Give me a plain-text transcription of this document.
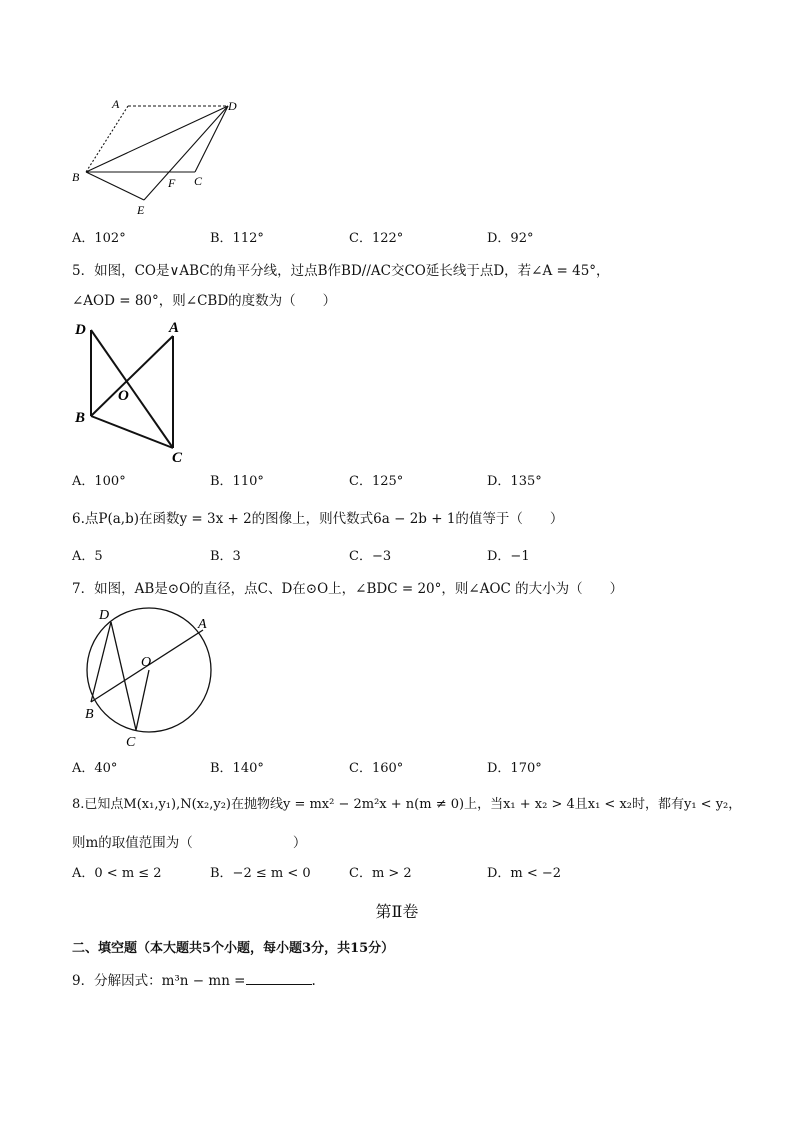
A	D
B	F C
E
A．102°	B．112°	C．122°	D．92°
5．如图，CO是∨ABC的角平分线，过点B作BD//AC交CO延长线于点D，若∠A = 45°，
∠AOD = 80°，则∠CBD的度数为（　　）
D	A
O
B
C
A．100°	B．110°	C．125°	D．135°
6.点P(a,b)在函数y = 3x + 2的图像上，则代数式6a − 2b + 1的值等于（　　）
A．5	B．3	C．−3	D．−1
7．如图，AB是⊙O的直径，点C、D在⊙O上，∠BDC = 20°，则∠AOC 的大小为（　　）
D
A
O
B
C
A．40°	B．140°	C．160°	D．170°
8.已知点M(x₁,y₁),N(x₂,y₂)在抛物线y = mx² − 2m²x + n(m ≠ 0)上，当x₁ + x₂ > 4且x₁ < x₂时，都有y₁ < y₂，
则m的取值范围为（	）
A．0 < m ≤ 2	B．−2 ≤ m < 0	C．m > 2	D．m < −2
第Ⅱ卷
二、填空题（本大题共5个小题，每小题3分，共15分）
9．分解因式：m³n − mn =	.
